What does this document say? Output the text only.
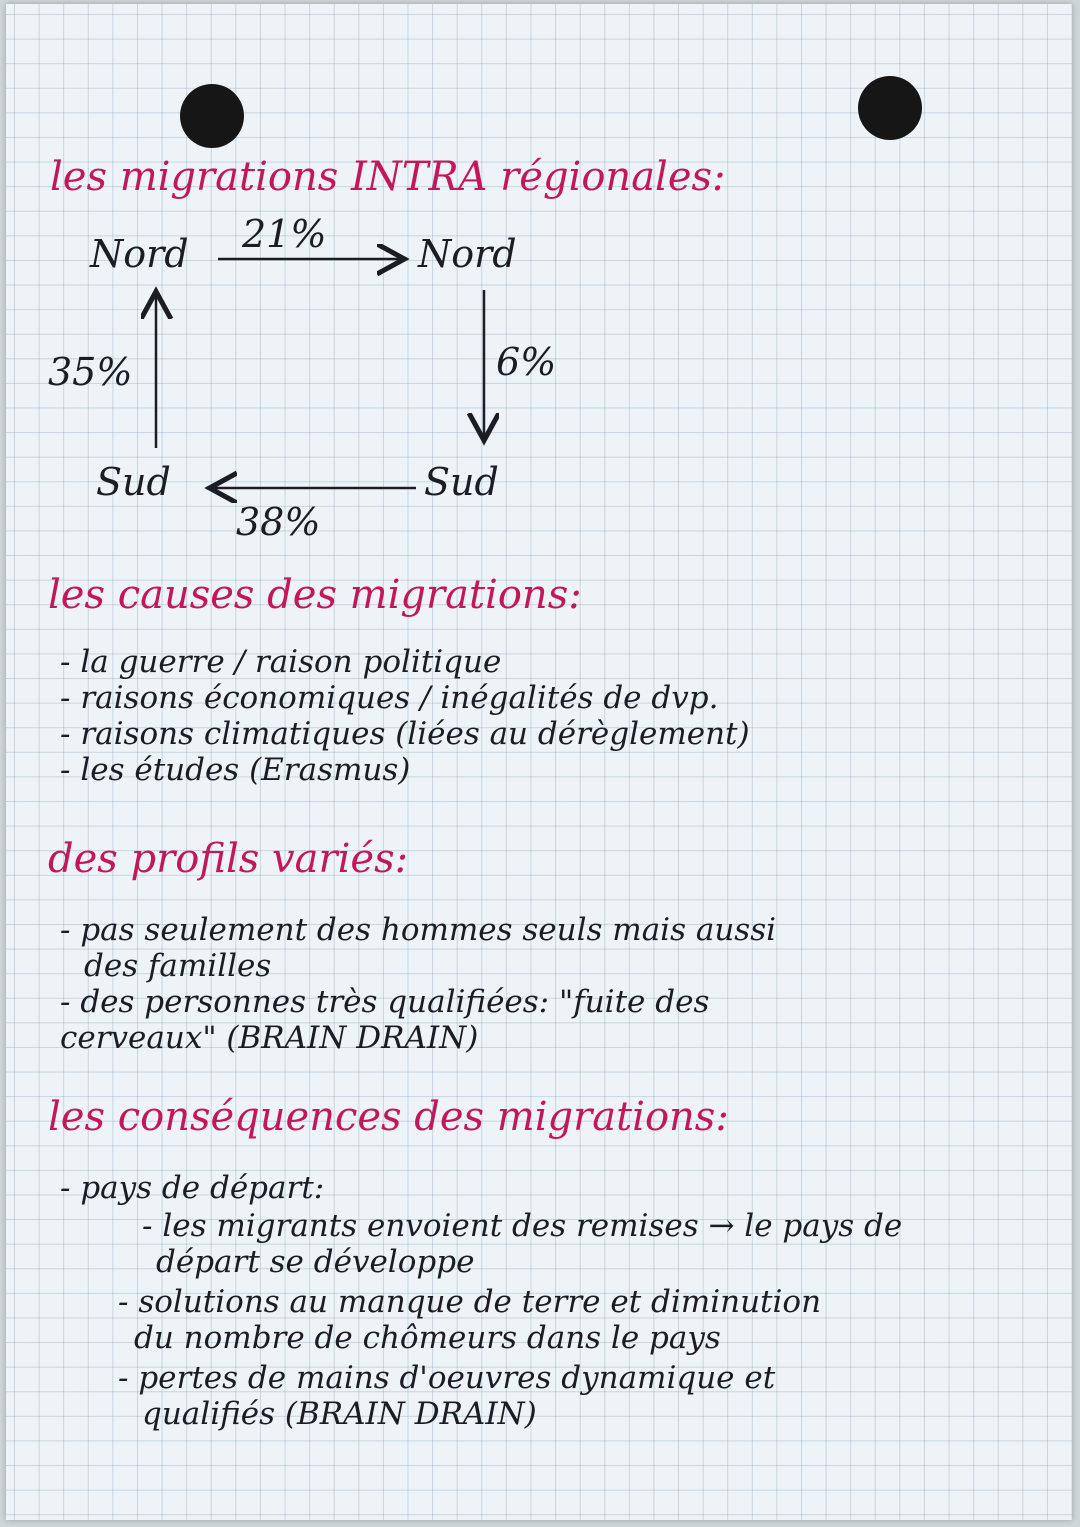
les migrations INTRA régionales:
Nord	Nord
Sud	Sud
21%
6%
38%
35%
les causes des migrations:
- la guerre / raison politique
- raisons économiques / inégalités de dvp.
- raisons climatiques (liées au dérèglement)
- les études (Erasmus)
des profils variés:
- pas seulement des hommes seuls mais aussi
des familles
- des personnes très qualifiées: "fuite des
cerveaux" (BRAIN DRAIN)
les conséquences des migrations:
- pays de départ:
- les migrants envoient des remises → le pays de
départ se développe
- solutions au manque de terre et diminution
du nombre de chômeurs dans le pays
- pertes de mains d'oeuvres dynamique et
qualifiés (BRAIN DRAIN)
